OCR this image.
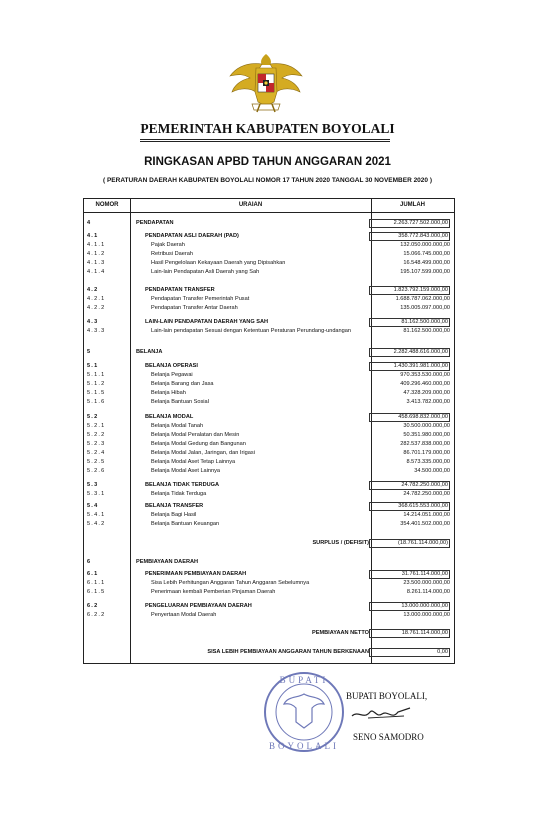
PEMERINTAH KABUPATEN BOYOLALI
RINGKASAN APBD TAHUN ANGGARAN 2021
( PERATURAN DAERAH KABUPATEN BOYOLALI NOMOR 17 TAHUN 2020 TANGGAL 30 NOVEMBER 2020 )
NOMOR	URAIAN	JUMLAH
4	PENDAPATAN	2.263.727.502.000,00
4.1	PENDAPATAN ASLI DAERAH (PAD)	358.772.843.000,00
4.1.1	Pajak Daerah	132.050.000.000,00
4.1.2	Retribusi Daerah	15.066.745.000,00
4.1.3	Hasil Pengelolaan Kekayaan Daerah yang Dipisahkan	16.548.499.000,00
4.1.4	Lain-lain Pendapatan Asli Daerah yang Sah	195.107.599.000,00
4.2	PENDAPATAN TRANSFER	1.823.792.159.000,00
4.2.1	Pendapatan Transfer Pemerintah Pusat	1.688.787.062.000,00
4.2.2	Pendapatan Transfer Antar Daerah	135.005.097.000,00
4.3	LAIN-LAIN PENDAPATAN DAERAH YANG SAH	81.162.500.000,00
4.3.3	Lain-lain pendapatan Sesuai dengan Ketentuan Peraturan Perundang-undangan	81.162.500.000,00
5	BELANJA	2.282.488.616.000,00
5.1	BELANJA OPERASI	1.430.391.981.000,00
5.1.1	Belanja Pegawai	970.353.530.000,00
5.1.2	Belanja Barang dan Jasa	409.296.460.000,00
5.1.5	Belanja Hibah	47.328.209.000,00
5.1.6	Belanja Bantuan Sosial	3.413.782.000,00
5.2	BELANJA MODAL	458.698.832.000,00
5.2.1	Belanja Modal Tanah	30.500.000.000,00
5.2.2	Belanja Modal Peralatan dan Mesin	50.351.980.000,00
5.2.3	Belanja Modal Gedung dan Bangunan	282.537.838.000,00
5.2.4	Belanja Modal Jalan, Jaringan, dan Irigasi	86.701.179.000,00
5.2.5	Belanja Modal Aset Tetap Lainnya	8.573.335.000,00
5.2.6	Belanja Modal Aset Lainnya	34.500.000,00
5.3	BELANJA TIDAK TERDUGA	24.782.250.000,00
5.3.1	Belanja Tidak Terduga	24.782.250.000,00
5.4	BELANJA TRANSFER	368.615.553.000,00
5.4.1	Belanja Bagi Hasil	14.214.051.000,00
5.4.2	Belanja Bantuan Keuangan	354.401.502.000,00
SURPLUS / (DEFISIT)	(18.761.114.000,00)
6	PEMBIAYAAN DAERAH
6.1	PENERIMAAN PEMBIAYAAN DAERAH	31.761.114.000,00
6.1.1	Sisa Lebih Perhitungan Anggaran Tahun Anggaran Sebelumnya	23.500.000.000,00
6.1.5	Penerimaan kembali Pemberian Pinjaman Daerah	8.261.114.000,00
6.2	PENGELUARAN PEMBIAYAAN DAERAH	13.000.000.000,00
6.2.2	Penyertaan Modal Daerah	13.000.000.000,00
PEMBIAYAAN NETTO	18.761.114.000,00
SISA LEBIH PEMBIAYAAN ANGGARAN TAHUN BERKENAAN	0,00
BUPATI
BOYOLALI
BUPATI BOYOLALI,
SENO SAMODRO
